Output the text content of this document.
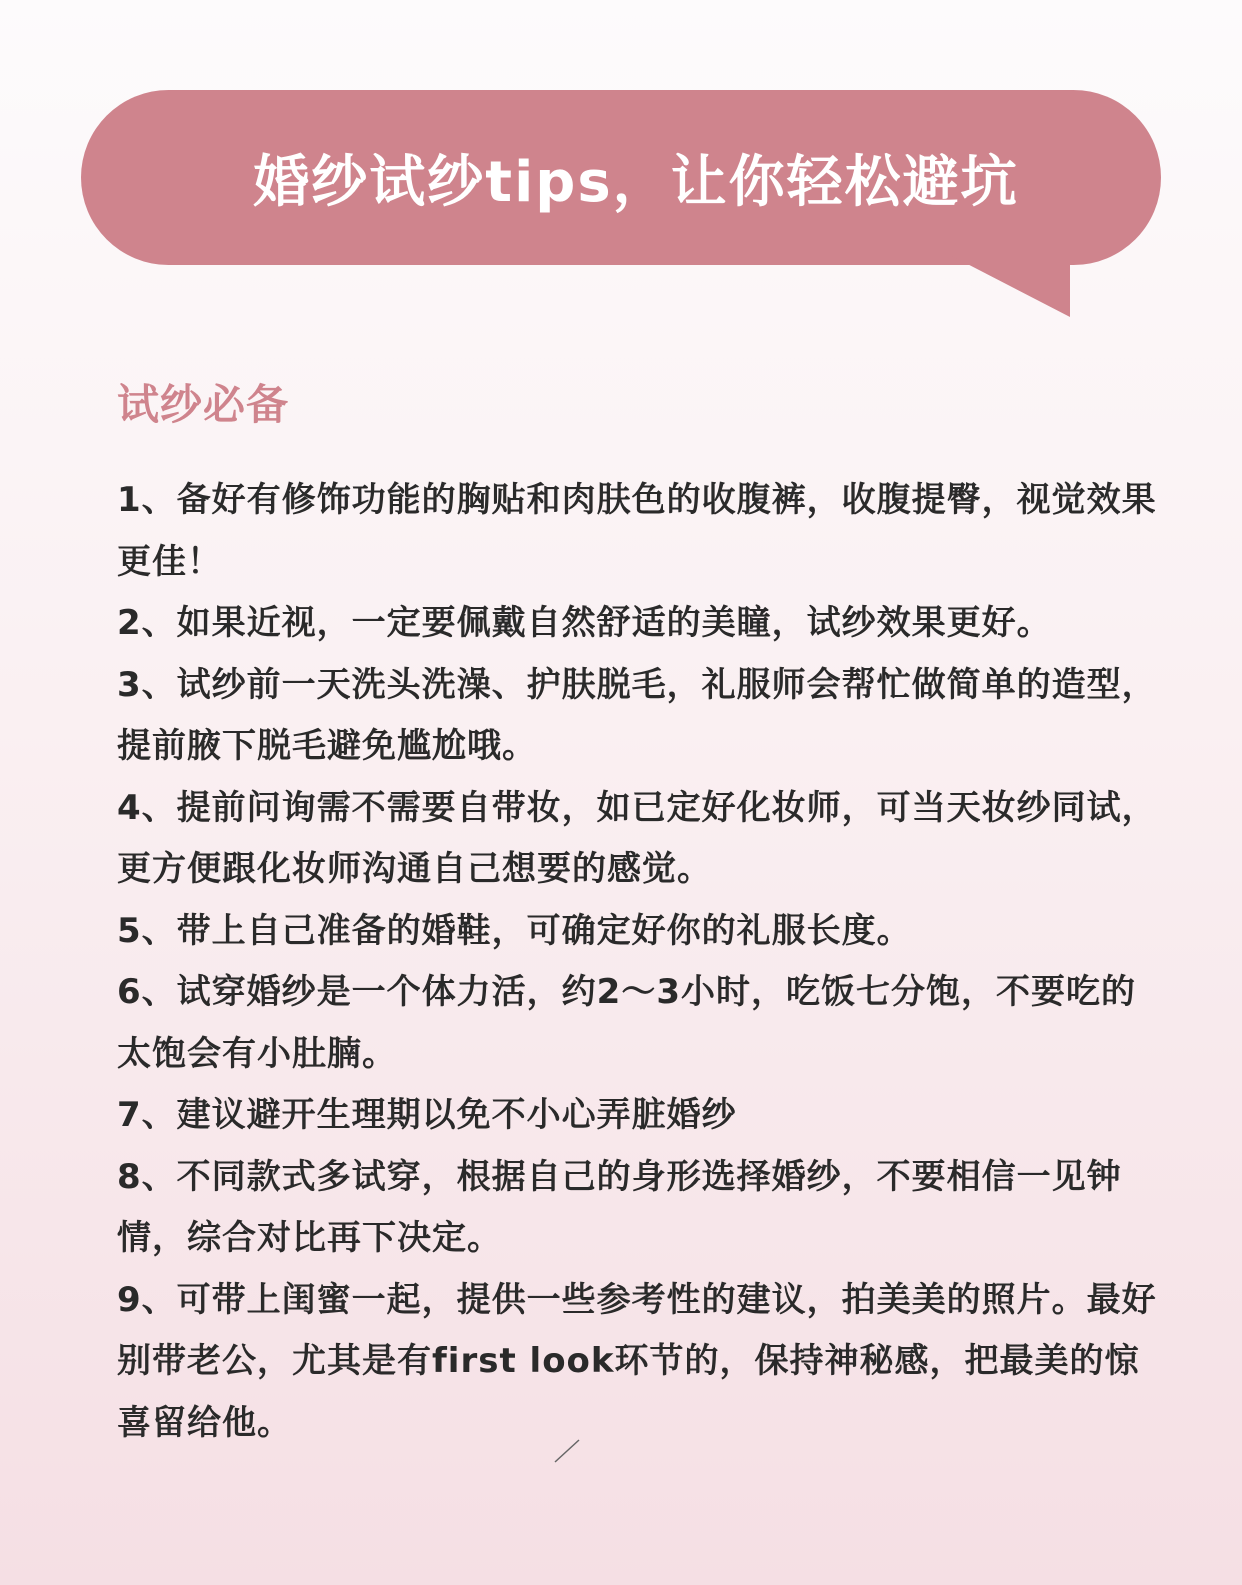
婚纱试纱tips，让你轻松避坑
试纱必备
1、备好有修饰功能的胸贴和肉肤色的收腹裤，收腹提臀，视觉效果更佳！
2、如果近视，一定要佩戴自然舒适的美瞳，试纱效果更好。
3、试纱前一天洗头洗澡、护肤脱毛，礼服师会帮忙做简单的造型，提前腋下脱毛避免尴尬哦。
4、提前问询需不需要自带妆，如已定好化妆师，可当天妆纱同试，更方便跟化妆师沟通自己想要的感觉。
5、带上自己准备的婚鞋，可确定好你的礼服长度。
6、试穿婚纱是一个体力活，约2～3小时，吃饭七分饱，不要吃的太饱会有小肚腩。
7、建议避开生理期以免不小心弄脏婚纱
8、不同款式多试穿，根据自己的身形选择婚纱，不要相信一见钟情，综合对比再下决定。
9、可带上闺蜜一起，提供一些参考性的建议，拍美美的照片。最好别带老公，尤其是有first look环节的，保持神秘感，把最美的惊喜留给他。
